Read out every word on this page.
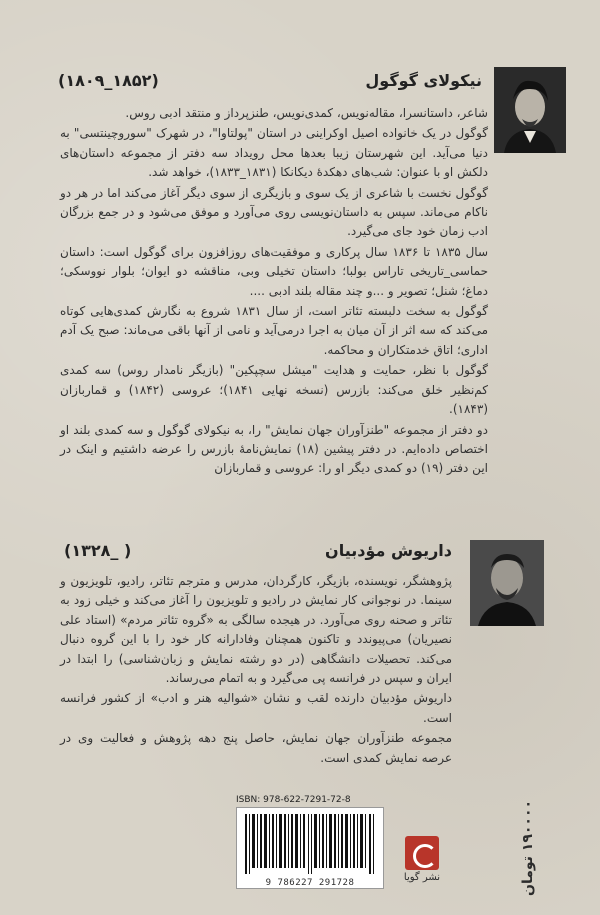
نیکولای گوگول
(۱۸۰۹_۱۸۵۲)

شاعر، داستانسرا، مقاله‌نویس، کمدی‌نویس، طنزپرداز و منتقد ادبی روس.

گوگول در یک خانواده اصیل اوکراینی در استان "پولتاوا"، در شهرک "سوروچینتسی" به دنیا می‌آید. این شهرستان زیبا بعدها محل رویداد سه دفتر از مجموعه داستان‌های دلکش او با عنوان: شب‌های دهکدهٔ دیکانکا (۱۸۳۱_۱۸۳۳)، خواهد شد.

گوگول نخست با شاعری از یک سوی و بازیگری از سوی دیگر آغاز می‌کند اما در هر دو ناکام می‌ماند. سپس به داستان‌نویسی روی می‌آورد و موفق می‌شود و در جمع بزرگان ادب زمان خود جای می‌گیرد.

سال ۱۸۳۵ تا ۱۸۳۶ سال پرکاری و موفقیت‌های روزافزون برای گوگول است: داستان حماسی_تاریخی تاراس بولبا؛ داستان تخیلی وبی، مناقشه دو ایوان؛ بلوار نووسکی؛ دماغ؛ شنل؛ تصویر و ...و چند مقاله بلند ادبی ....

گوگول به سخت دلبسته تئاتر است، از سال ۱۸۳۱ شروع به نگارش کمدی‌هایی کوتاه می‌کند که سه اثر از آن میان به اجرا درمی‌آید و نامی از آنها باقی می‌ماند: صبح یک آدم اداری؛ اتاق خدمتکاران و محاکمه.

گوگول با نظر، حمایت و هدایت "میشل سچپکین" (بازیگر نامدار روس) سه کمدی کم‌نظیر خلق می‌کند: بازرس (نسخه نهایی ۱۸۴۱)؛ عروسی (۱۸۴۲) و قماربازان (۱۸۴۳).

دو دفتر از مجموعه "طنزآوران جهان نمایش" را، به نیکولای گوگول و سه کمدی بلند او اختصاص داده‌ایم. در دفتر پیشین (۱۸) نمایش‌نامهٔ بازرس را عرضه داشتیم و اینک در این دفتر (۱۹) دو کمدی دیگر او را: عروسی و قماربازان

داریوش مؤدبیان
(۱۳۲۸_ )

پژوهشگر، نویسنده، بازیگر، کارگردان، مدرس و مترجم تئاتر، رادیو، تلویزیون و سینما. در نوجوانی کار نمایش در رادیو و تلویزیون را آغاز می‌کند و خیلی زود به تئاتر و صحنه روی می‌آورد. در هیجده سالگی به «گروه تئاتر مردم» (استاد علی نصیریان) می‌پیوندد و تاکنون همچنان وفادارانه کار خود را با این گروه دنبال می‌کند. تحصیلات دانشگاهی (در دو رشته نمایش و زبان‌شناسی) را ابتدا در ایران و سپس در فرانسه پی می‌گیرد و به اتمام می‌رساند.

داریوش مؤدبیان دارنده لقب و نشان «شوالیه هنر و ادب» از کشور فرانسه است.

مجموعه طنزآوران جهان نمایش، حاصل پنج دهه پژوهش و فعالیت وی در عرصه نمایش کمدی است.

ISBN: 978-622-7291-72-8
9 786227 291728	نشر گویا	۱۹۰۰۰۰ تومان
